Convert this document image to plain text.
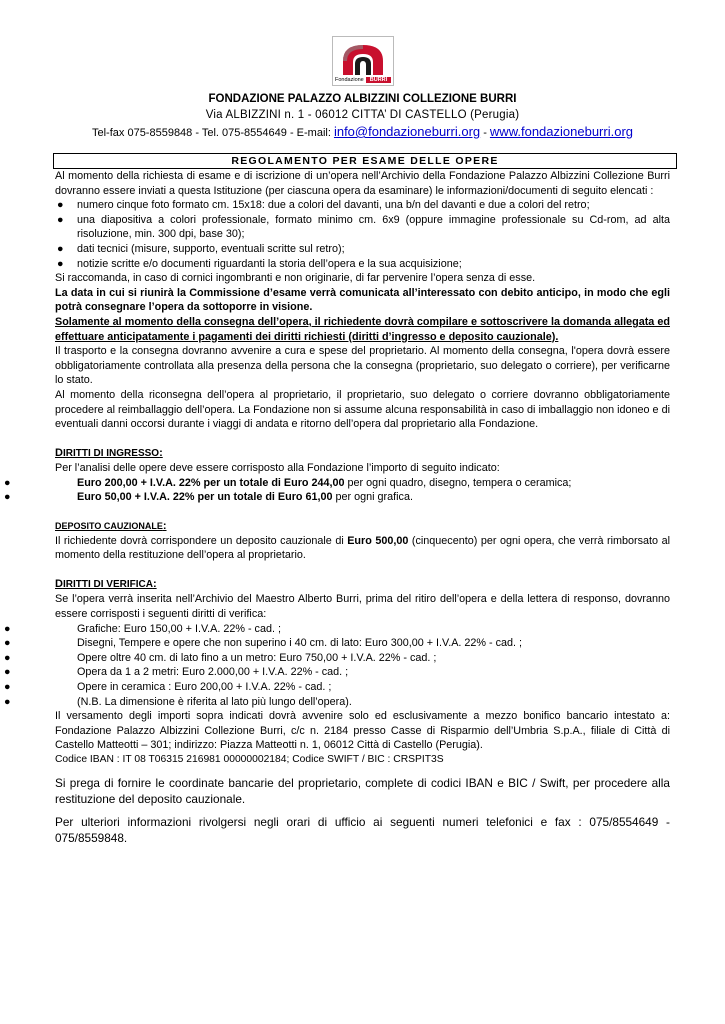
Fondazione BURRI
FONDAZIONE PALAZZO ALBIZZINI COLLEZIONE BURRI
Via ALBIZZINI n. 1 - 06012 CITTA’ DI CASTELLO (Perugia)
Tel-fax 075-8559848 - Tel. 075-8554649 - E-mail: info@fondazioneburri.org - www.fondazioneburri.org
REGOLAMENTO PER ESAME DELLE OPERE

Al momento della richiesta di esame e di iscrizione di un’opera nell’Archivio della Fondazione Palazzo Albizzini Collezione Burri dovranno essere inviati a questa Istituzione (per ciascuna opera da esaminare) le informazioni/documenti di seguito elencati :

● numero cinque foto formato cm. 15x18: due a colori del davanti, una b/n del davanti e due a colori del retro;
● una diapositiva a colori professionale, formato minimo cm. 6x9 (oppure immagine professionale su Cd-rom, ad alta risoluzione, min. 300 dpi, base 30);
● dati tecnici (misure, supporto, eventuali scritte sul retro);
● notizie scritte e/o documenti riguardanti la storia dell’opera e la sua acquisizione;

Si raccomanda, in caso di cornici ingombranti e non originarie, di far pervenire l’opera senza di esse.

La data in cui si riunirà la Commissione d’esame verrà comunicata all’interessato con debito anticipo, in modo che egli potrà consegnare l’opera da sottoporre in visione.

Solamente al momento della consegna dell’opera, il richiedente dovrà compilare e sottoscrivere la domanda allegata ed effettuare anticipatamente i pagamenti dei diritti richiesti (diritti d’ingresso e deposito cauzionale).

Il trasporto e la consegna dovranno avvenire a cura e spese del proprietario. Al momento della consegna, l'opera dovrà essere obbligatoriamente controllata alla presenza della persona che la consegna (proprietario, suo delegato o corriere), per verificarne lo stato.

Al momento della riconsegna dell’opera al proprietario, il proprietario, suo delegato o corriere dovranno obbligatoriamente procedere al reimballaggio dell’opera. La Fondazione non si assume alcuna responsabilità in caso di imballaggio non idoneo e di eventuali danni occorsi durante i viaggi di andata e ritorno dell’opera dal proprietario alla Fondazione.

DIRITTI DI INGRESSO:

Per l’analisi delle opere deve essere corrisposto alla Fondazione l’importo di seguito indicato:

●	Euro 200,00 + I.V.A. 22% per un totale di Euro 244,00 per ogni quadro, disegno, tempera o ceramica;
●	Euro 50,00 + I.V.A. 22% per un totale di Euro 61,00 per ogni grafica.

DEPOSITO CAUZIONALE:

Il richiedente dovrà corrispondere un deposito cauzionale di Euro 500,00 (cinquecento) per ogni opera, che verrà rimborsato al momento della restituzione dell’opera al proprietario.

DIRITTI DI VERIFICA:

Se l’opera verrà inserita nell’Archivio del Maestro Alberto Burri, prima del ritiro dell’opera e della lettera di responso, dovranno essere corrisposti i seguenti diritti di verifica:

●	Grafiche: Euro 150,00 + I.V.A. 22% - cad. ;
●	Disegni, Tempere e opere che non superino i 40 cm. di lato: Euro 300,00 + I.V.A. 22% - cad. ;
●	Opere oltre 40 cm. di lato fino a un metro: Euro 750,00 + I.V.A. 22% - cad. ;
●	Opera da 1 a 2 metri: Euro 2.000,00 + I.V.A. 22% - cad. ;
●	Opere in ceramica : Euro 200,00 + I.V.A. 22% - cad. ;
●	(N.B. La dimensione è riferita al lato più lungo dell’opera).

Il versamento degli importi sopra indicati dovrà avvenire solo ed esclusivamente a mezzo bonifico bancario intestato a: Fondazione Palazzo Albizzini Collezione Burri, c/c n. 2184 presso Casse di Risparmio dell’Umbria S.p.A., filiale di Città di Castello Matteotti – 301; indirizzo: Piazza Matteotti n. 1, 06012 Città di Castello (Perugia).

Codice IBAN : IT 08 T06315 216981 00000002184; Codice SWIFT / BIC : CRSPIT3S

Si prega di fornire le coordinate bancarie del proprietario, complete di codici IBAN e BIC / Swift, per procedere alla restituzione del deposito cauzionale.

Per ulteriori informazioni rivolgersi negli orari di ufficio ai seguenti numeri telefonici e fax : 075/8554649 - 075/8559848.
